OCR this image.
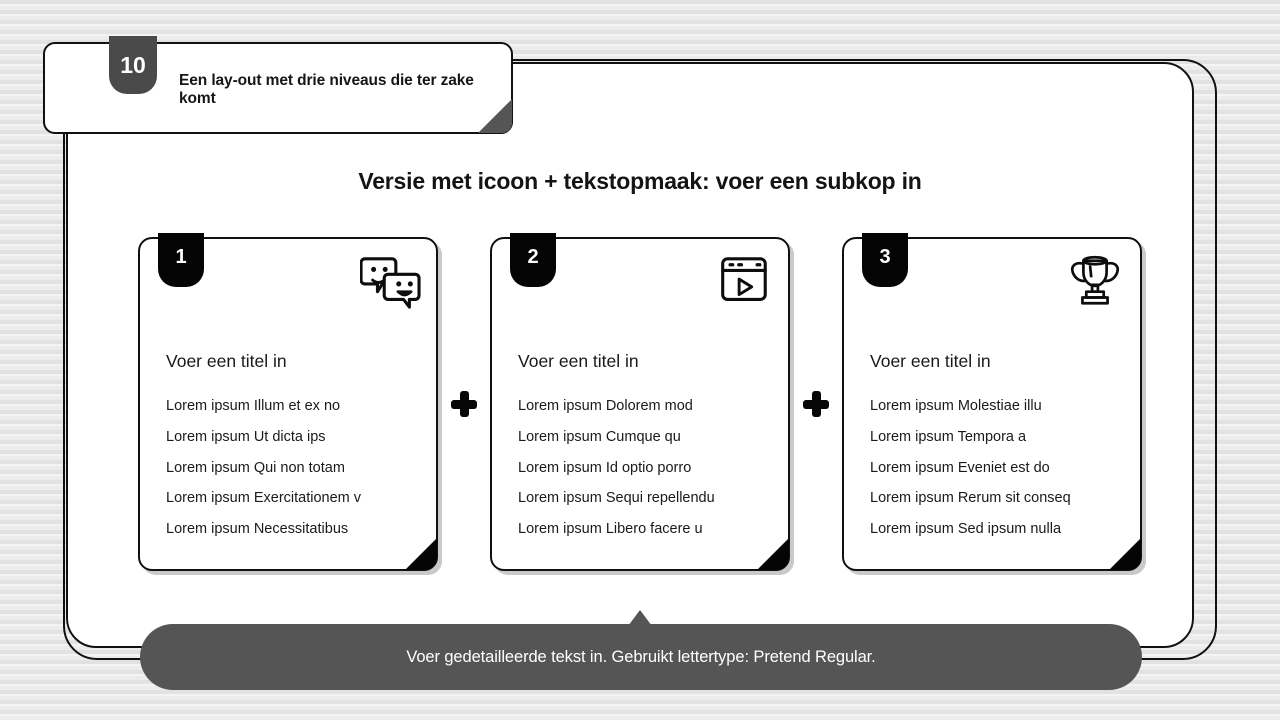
10
Een lay-out met drie niveaus die ter zake komt
Versie met icoon + tekstopmaak: voer een subkop in
1
Voer een titel in
Lorem ipsum Illum et ex no
Lorem ipsum Ut dicta ips
Lorem ipsum Qui non totam
Lorem ipsum Exercitationem v
Lorem ipsum Necessitatibus
2
Voer een titel in
Lorem ipsum Dolorem mod
Lorem ipsum Cumque qu
Lorem ipsum Id optio porro
Lorem ipsum Sequi repellendu
Lorem ipsum Libero facere u
3
Voer een titel in
Lorem ipsum Molestiae illu
Lorem ipsum Tempora a
Lorem ipsum Eveniet est do
Lorem ipsum Rerum sit conseq
Lorem ipsum Sed ipsum nulla
Voer gedetailleerde tekst in. Gebruikt lettertype: Pretend Regular.
